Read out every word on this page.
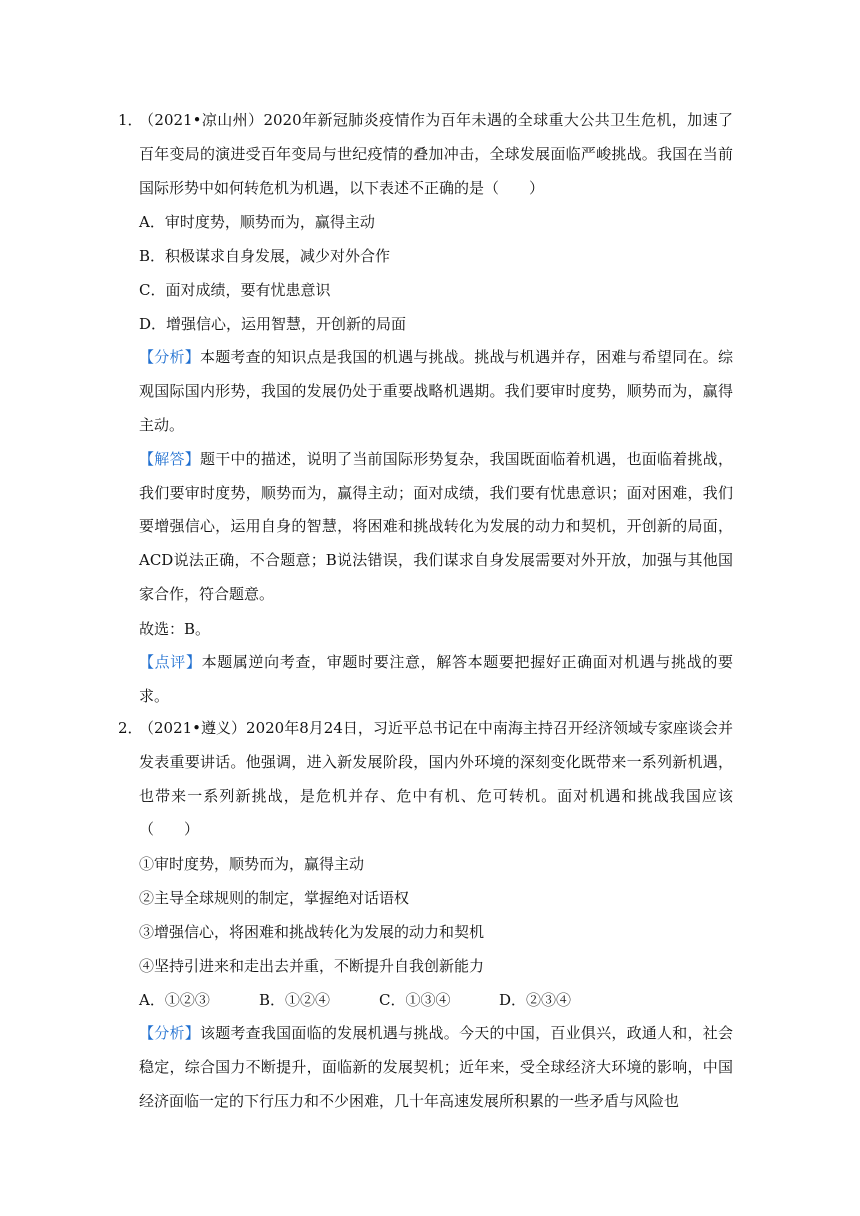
1．
（2021•凉山州）2020年新冠肺炎疫情作为百年未遇的全球重大公共卫生危机，加速了百年变局的演进受百年变局与世纪疫情的叠加冲击，全球发展面临严峻挑战。我国在当前国际形势中如何转危机为机遇，以下表述不正确的是（　　）
A．审时度势，顺势而为，赢得主动
B．积极谋求自身发展，减少对外合作
C．面对成绩，要有忧患意识
D．增强信心，运用智慧，开创新的局面
【分析】本题考查的知识点是我国的机遇与挑战。挑战与机遇并存，困难与希望同在。综观国际国内形势，我国的发展仍处于重要战略机遇期。我们要审时度势，顺势而为，赢得主动。
【解答】题干中的描述，说明了当前国际形势复杂，我国既面临着机遇，也面临着挑战，我们要审时度势，顺势而为，赢得主动；面对成绩，我们要有忧患意识；面对困难，我们要增强信心，运用自身的智慧，将困难和挑战转化为发展的动力和契机，开创新的局面，ACD说法正确，不合题意；B说法错误，我们谋求自身发展需要对外开放，加强与其他国家合作，符合题意。
故选：B。
【点评】本题属逆向考查，审题时要注意，解答本题要把握好正确面对机遇与挑战的要求。
2．
（2021•遵义）2020年8月24日，习近平总书记在中南海主持召开经济领域专家座谈会并发表重要讲话。他强调，进入新发展阶段，国内外环境的深刻变化既带来一系列新机遇，也带来一系列新挑战，是危机并存、危中有机、危可转机。面对机遇和挑战我国应该（　　）
①审时度势，顺势而为，赢得主动
②主导全球规则的制定，掌握绝对话语权
③增强信心，将困难和挑战转化为发展的动力和契机
④坚持引进来和走出去并重，不断提升自我创新能力
A．①②③	B．①②④	C．①③④	D．②③④
【分析】该题考查我国面临的发展机遇与挑战。今天的中国，百业俱兴，政通人和，社会稳定，综合国力不断提升，面临新的发展契机；近年来，受全球经济大环境的影响，中国经济面临一定的下行压力和不少困难，几十年高速发展所积累的一些矛盾与风险也
